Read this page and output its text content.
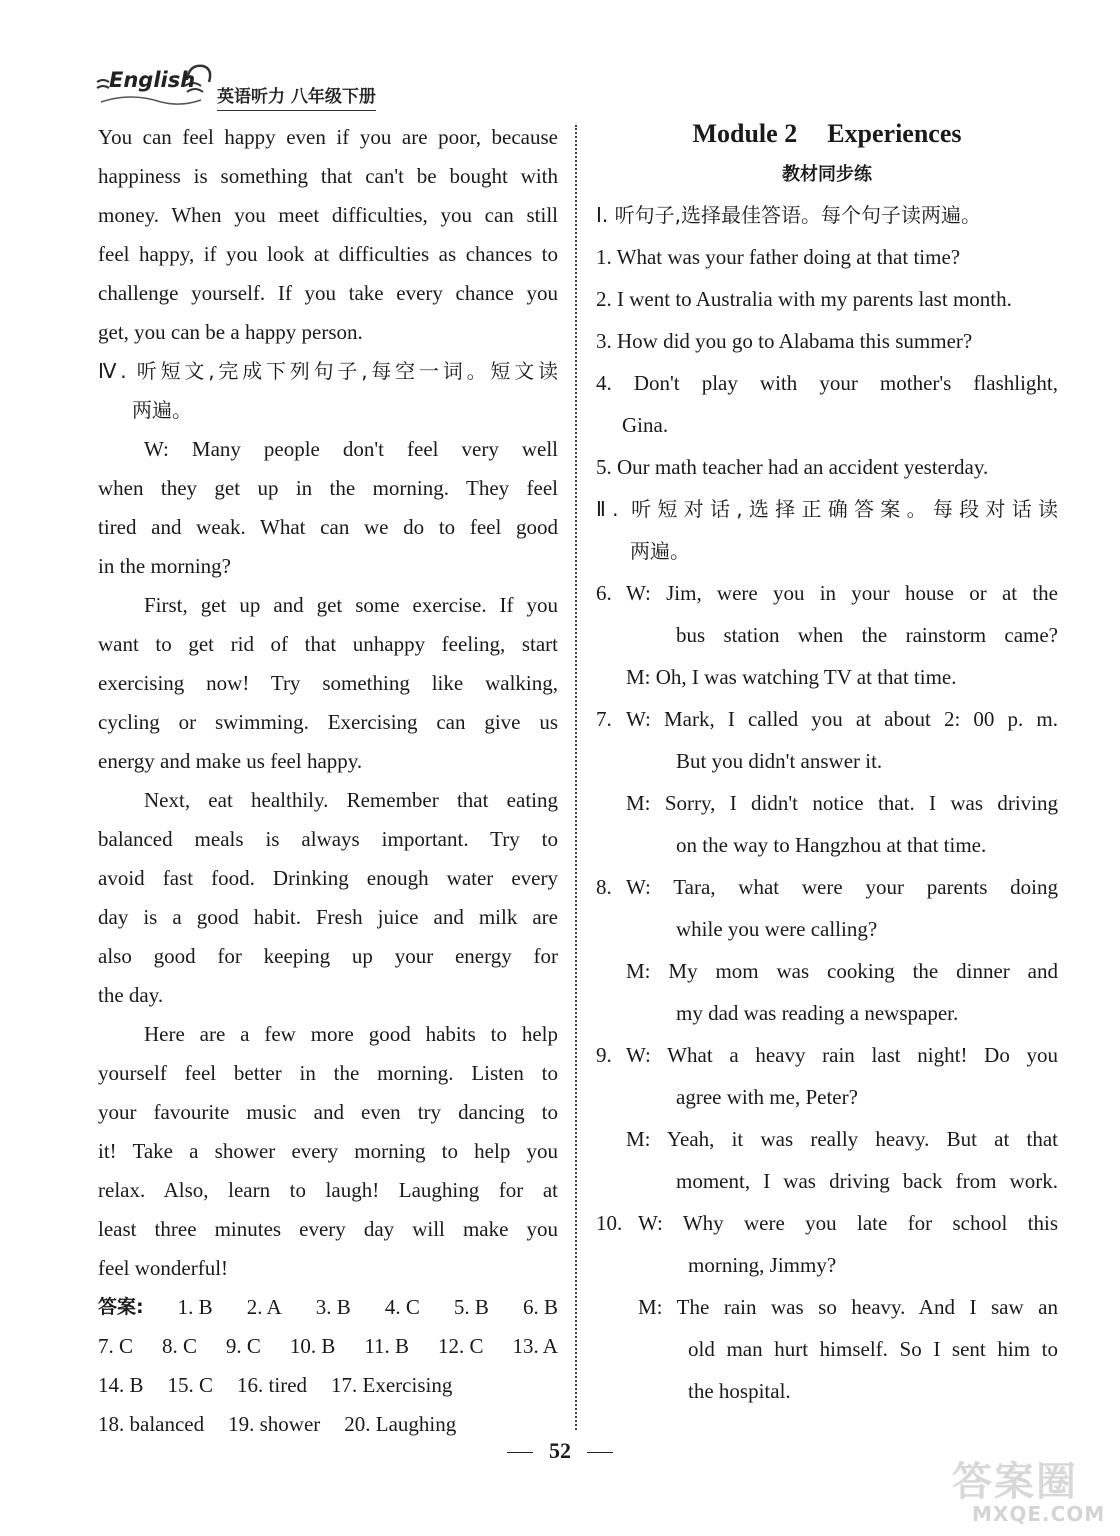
English
英语听力 八年级下册

You can feel happy even if you are poor, because

happiness is something that can't be bought with

money. When you meet difficulties, you can still

feel happy, if you look at difficulties as chances to

challenge yourself. If you take every chance you

get, you can be a happy person.

Ⅳ. 听短文,完成下列句子,每空一词。短文读

两遍。

W: Many people don't feel very well

when they get up in the morning. They feel

tired and weak. What can we do to feel good

in the morning?

First, get up and get some exercise. If you

want to get rid of that unhappy feeling, start

exercising now! Try something like walking,

cycling or swimming. Exercising can give us

energy and make us feel happy.

Next, eat healthily. Remember that eating

balanced meals is always important. Try to

avoid fast food. Drinking enough water every

day is a good habit. Fresh juice and milk are

also good for keeping up your energy for

the day.

Here are a few more good habits to help

yourself feel better in the morning. Listen to

your favourite music and even try dancing to

it! Take a shower every morning to help you

relax. Also, learn to laugh! Laughing for at

least three minutes every day will make you

feel wonderful!

答案: 1. B 2. A 3. B 4. C 5. B 6. B

7. C 8. C 9. C 10. B 11. B 12. C 13. A

14. B 15. C 16. tired 17. Exercising

18. balanced 19. shower 20. Laughing

Module 2 Experiences

教材同步练

Ⅰ. 听句子,选择最佳答语。每个句子读两遍。

1. What was your father doing at that time?

2. I went to Australia with my parents last month.

3. How did you go to Alabama this summer?

4. Don't play with your mother's flashlight,

Gina.

5. Our math teacher had an accident yesterday.

Ⅱ. 听短对话,选择正确答案。每段对话读

两遍。

6. W: Jim, were you in your house or at the
bus station when the rainstorm came?
M: Oh, I was watching TV at that time.
7. W: Mark, I called you at about 2: 00 p. m.
But you didn't answer it.
M: Sorry, I didn't notice that. I was driving
on the way to Hangzhou at that time.
8. W: Tara, what were your parents doing
while you were calling?
M: My mom was cooking the dinner and
my dad was reading a newspaper.
9. W: What a heavy rain last night! Do you
agree with me, Peter?
M: Yeah, it was really heavy. But at that
moment, I was driving back from work.
10. W: Why were you late for school this
morning, Jimmy?
M: The rain was so heavy. And I saw an
old man hurt himself. So I sent him to
the hospital.
52
答案圈
MXQE.COM
